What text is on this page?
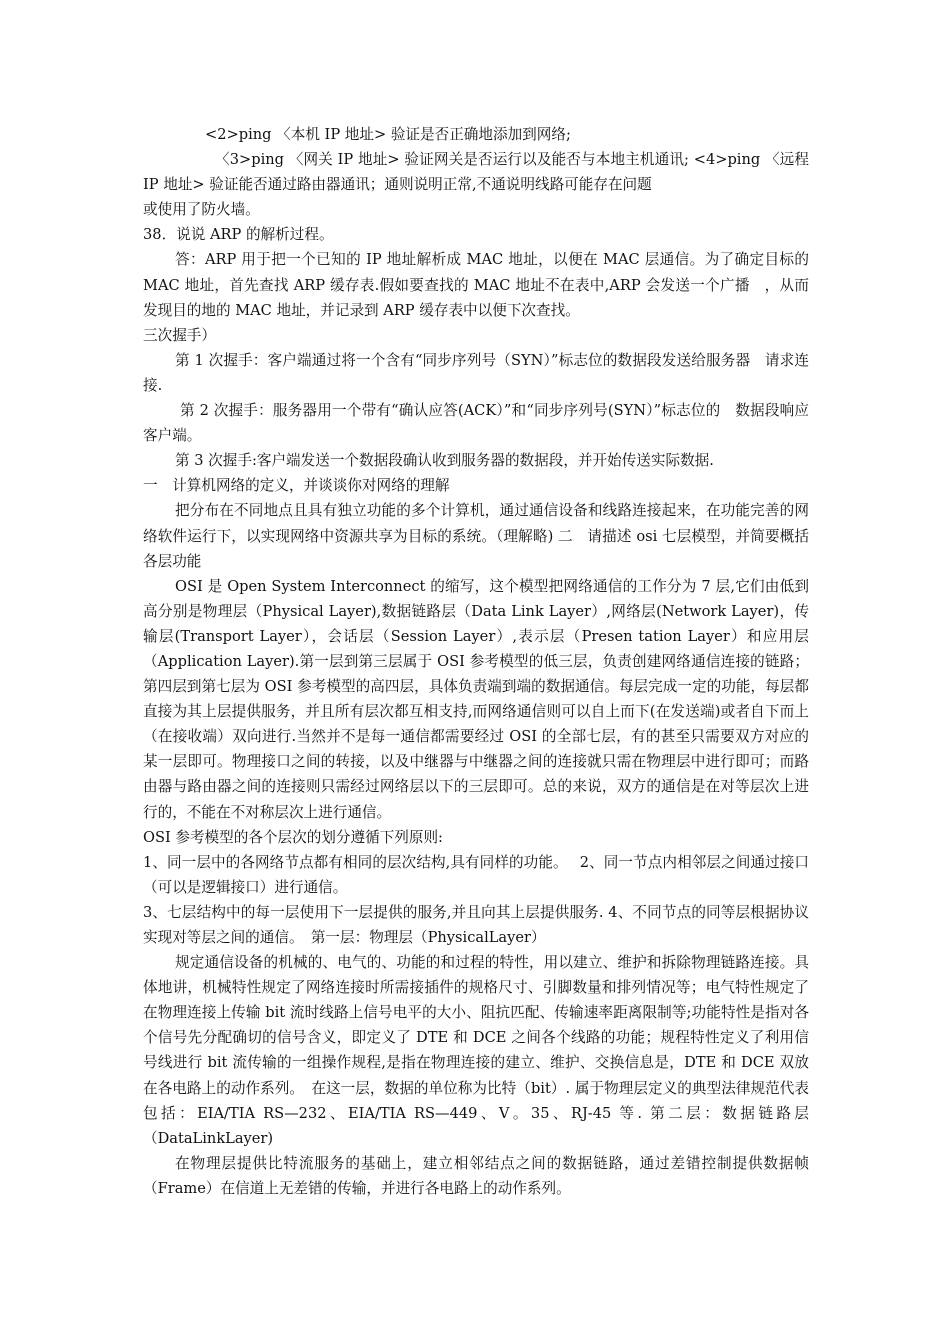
<2>ping 〈本机 IP 地址> 验证是否正确地添加到网络;

〈3>ping 〈网关 IP 地址> 验证网关是否运行以及能否与本地主机通讯; <4>ping 〈远程 IP 地址> 验证能否通过路由器通讯；通则说明正常,不通说明线路可能存在问题

或使用了防火墙。

38．说说 ARP 的解析过程。

答：ARP 用于把一个已知的 IP 地址解析成 MAC 地址，以便在 MAC 层通信。为了确定目标的　MAC 地址，首先查找 ARP 缓存表.假如要查找的 MAC 地址不在表中,ARP 会发送一个广播　，从而发现目的地的 MAC 地址，并记录到 ARP 缓存表中以便下次查找。

三次握手）

第 1 次握手：客户端通过将一个含有“同步序列号（SYN）”标志位的数据段发送给服务器　请求连接.

第 2 次握手：服务器用一个带有“确认应答(ACK）”和“同步序列号(SYN）”标志位的　数据段响应客户端。

第 3 次握手:客户端发送一个数据段确认收到服务器的数据段，并开始传送实际数据.

一　计算机网络的定义，并谈谈你对网络的理解

把分布在不同地点且具有独立功能的多个计算机，通过通信设备和线路连接起来，在功能完善的网络软件运行下，以实现网络中资源共享为目标的系统。（理解略) 二　请描述 osi 七层模型，并简要概括各层功能

OSI 是 Open System Interconnect 的缩写，这个模型把网络通信的工作分为 7 层,它们由低到高分别是物理层（Physical Layer),数据链路层（Data Link Layer）,网络层(Network Layer)，传输层(Transport Layer），会话层（Session Layer）,表示层（Presen tation Layer）和应用层（Application Layer).第一层到第三层属于 OSI 参考模型的低三层，负责创建网络通信连接的链路；第四层到第七层为 OSI 参考模型的高四层，具体负责端到端的数据通信。每层完成一定的功能，每层都直接为其上层提供服务，并且所有层次都互相支持,而网络通信则可以自上而下(在发送端)或者自下而上（在接收端）双向进行.当然并不是每一通信都需要经过 OSI 的全部七层，有的甚至只需要双方对应的某一层即可。物理接口之间的转接，以及中继器与中继器之间的连接就只需在物理层中进行即可；而路由器与路由器之间的连接则只需经过网络层以下的三层即可。总的来说，双方的通信是在对等层次上进行的，不能在不对称层次上进行通信。

OSI 参考模型的各个层次的划分遵循下列原则:

1、同一层中的各网络节点都有相同的层次结构,具有同样的功能。　 2、同一节点内相邻层之间通过接口（可以是逻辑接口）进行通信。

3、七层结构中的每一层使用下一层提供的服务,并且向其上层提供服务. 4、不同节点的同等层根据协议实现对等层之间的通信。　第一层：物理层（PhysicalLayer）

规定通信设备的机械的、电气的、功能的和过程的特性，用以建立、维护和拆除物理链路连接。具体地讲，机械特性规定了网络连接时所需接插件的规格尺寸、引脚数量和排列情况等；电气特性规定了在物理连接上传输 bit 流时线路上信号电平的大小、阻抗匹配、传输速率距离限制等;功能特性是指对各个信号先分配确切的信号含义，即定义了 DTE 和 DCE 之间各个线路的功能；规程特性定义了利用信号线进行 bit 流传输的一组操作规程,是指在物理连接的建立、维护、交换信息是，DTE 和 DCE 双放在各电路上的动作系列。　在这一层，数据的单位称为比特（bit）. 属于物理层定义的典型法律规范代表包括：EIA/TIA RS—232、EIA/TIA RS—449、V。35、RJ-45 等. 第二层：数据链路层（DataLinkLayer)

在物理层提供比特流服务的基础上，建立相邻结点之间的数据链路，通过差错控制提供数据帧（Frame）在信道上无差错的传输，并进行各电路上的动作系列。
